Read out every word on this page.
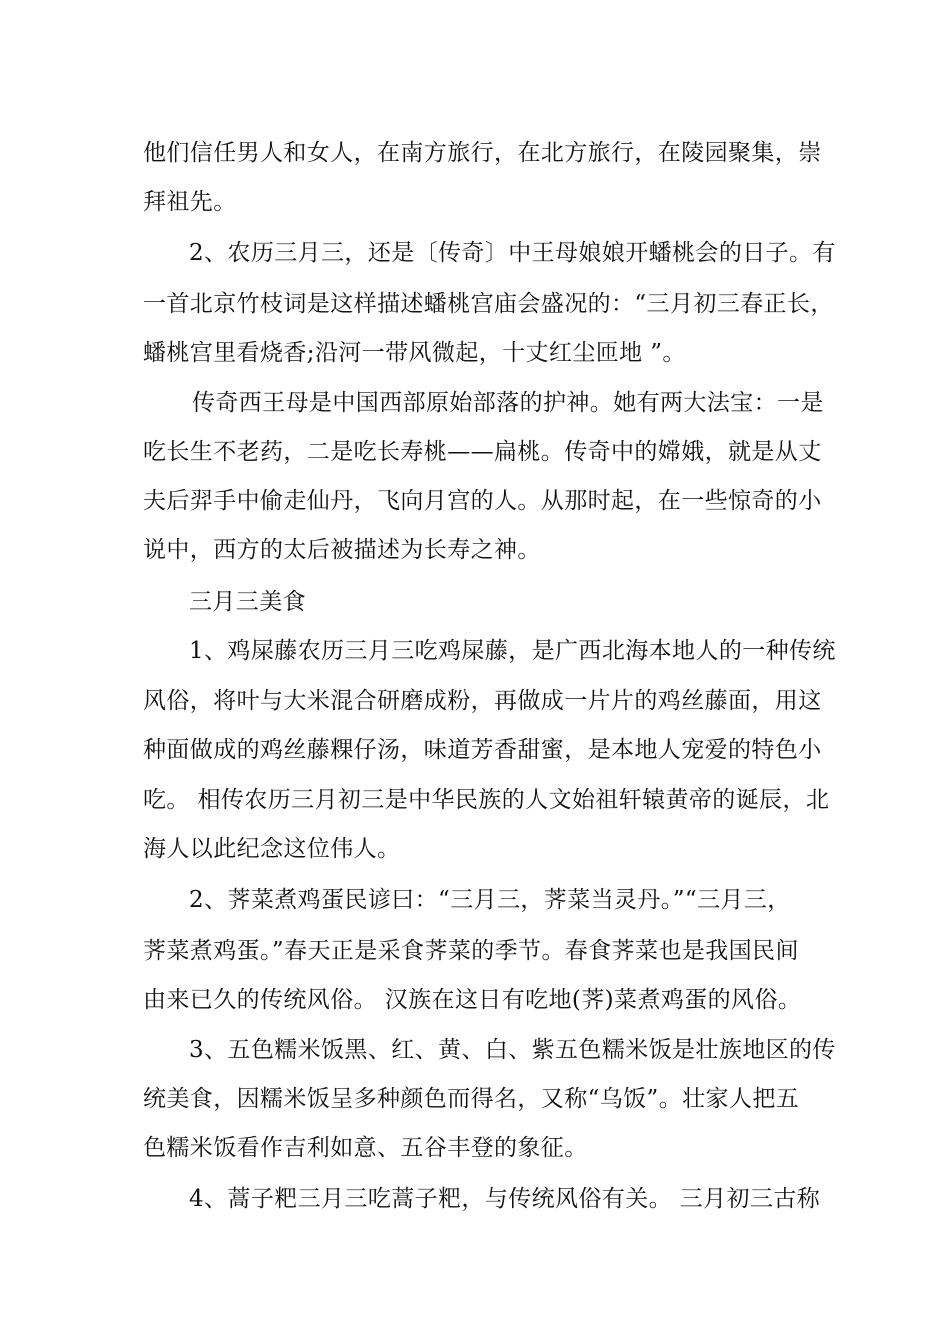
他们信任男人和女人，在南方旅行，在北方旅行，在陵园聚集，崇
拜祖先。
2、农历三月三，还是〔传奇〕中王母娘娘开蟠桃会的日子。有
一首北京竹枝词是这样描述蟠桃宫庙会盛况的：“三月初三春正长，
蟠桃宫里看烧香;沿河一带风微起，十丈红尘匝地 ”。
传奇西王母是中国西部原始部落的护神。她有两大法宝：一是
吃长生不老药，二是吃长寿桃——扁桃。传奇中的嫦娥，就是从丈
夫后羿手中偷走仙丹，飞向月宫的人。从那时起，在一些惊奇的小
说中，西方的太后被描述为长寿之神。
三月三美食
1、鸡屎藤农历三月三吃鸡屎藤，是广西北海本地人的一种传统
风俗，将叶与大米混合研磨成粉，再做成一片片的鸡丝藤面，用这
种面做成的鸡丝藤粿仔汤，味道芳香甜蜜，是本地人宠爱的特色小
吃。 相传农历三月初三是中华民族的人文始祖轩辕黄帝的诞辰，北
海人以此纪念这位伟人。
2、荠菜煮鸡蛋民谚曰：“三月三，荠菜当灵丹。”“三月三，
荠菜煮鸡蛋。”春天正是采食荠菜的季节。春食荠菜也是我国民间
由来已久的传统风俗。 汉族在这日有吃地(荠)菜煮鸡蛋的风俗。
3、五色糯米饭黑、红、黄、白、紫五色糯米饭是壮族地区的传
统美食，因糯米饭呈多种颜色而得名，又称“乌饭”。壮家人把五
色糯米饭看作吉利如意、五谷丰登的象征。
4、蒿子粑三月三吃蒿子粑，与传统风俗有关。 三月初三古称
